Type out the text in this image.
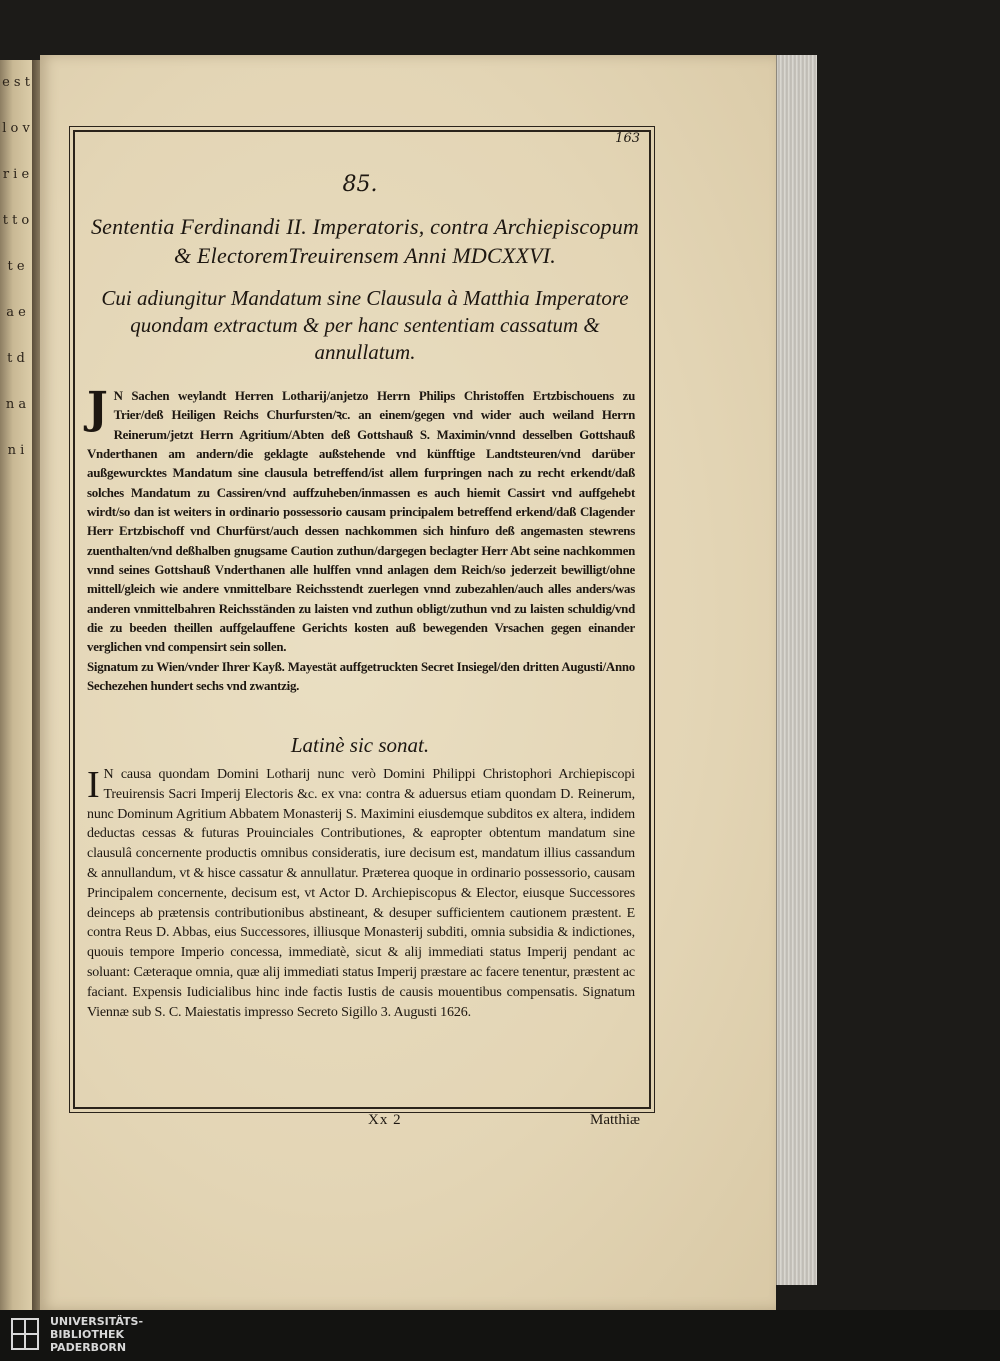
e s t l o v r i e t t o t e a e t d n a n i
163
85.
Sententia Ferdinandi II. Imperatoris, contra Archiepiscopum & ElectoremTreuirensem Anni MDCXXVI.
Cui adiungitur Mandatum sine Clausula à Matthia Imperatore quondam extractum & per hanc sententiam cassatum & annullatum.

J N Sachen weylandt Herren Lotharij/anjetzo Herrn Philips Christoffen Ertzbischouens zu Trier/deß Heiligen Reichs Churfursten/ꝛc. an einem/gegen vnd wider auch weiland Herrn Reinerum/jetzt Herrn Agritium/Abten deß Gottshauß S. Maximin/vnnd desselben Gottshauß Vnderthanen am andern/die geklagte außstehende vnd künfftige Landtsteuren/vnd darüber außgewurcktes Mandatum sine clausula betreffend/ist allem furpringen nach zu recht erkendt/daß solches Mandatum zu Cassiren/vnd auffzuheben/inmassen es auch hiemit Cassirt vnd auffgehebt wirdt/so dan ist weiters in ordinario possessorio causam principalem betreffend erkend/daß Clagender Herr Ertzbischoff vnd Churfürst/auch dessen nachkommen sich hinfuro deß angemasten stewrens zuenthalten/vnd deßhalben gnugsame Caution zuthun/dargegen beclagter Herr Abt seine nachkommen vnnd seines Gottshauß Vnderthanen alle hulffen vnnd anlagen dem Reich/so jederzeit bewilligt/ohne mittell/gleich wie andere vnmittelbare Reichsstendt zuerlegen vnnd zubezahlen/auch alles anders/was anderen vnmittelbahren Reichsständen zu laisten vnd zuthun obligt/zuthun vnd zu laisten schuldig/vnd die zu beeden theillen auffgelauffene Gerichts kosten auß bewegenden Vrsachen gegen einander verglichen vnd compensirt sein sollen.

Signatum zu Wien/vnder Ihrer Kayß. Mayestät auffgetruckten Secret Insiegel/den dritten Augusti/Anno Sechezehen hundert sechs vnd zwantzig.

Latinè sic sonat.

I N causa quondam Domini Lotharij nunc verò Domini Philippi Christophori Archiepiscopi Treuirensis Sacri Imperij Electoris &c. ex vna: contra & aduersus etiam quondam D. Reinerum, nunc Dominum Agritium Abbatem Monasterij S. Maximini eiusdemque subditos ex altera, indidem deductas cessas & futuras Prouinciales Contributiones, & eapropter obtentum mandatum sine clausulâ concernente productis omnibus consideratis, iure decisum est, mandatum illius cassandum & annullandum, vt & hisce cassatur & annullatur. Præterea quoque in ordinario possessorio, causam Principalem concernente, decisum est, vt Actor D. Archiepiscopus & Elector, eiusque Successores deinceps ab prætensis contributionibus abstineant, & desuper sufficientem cautionem præstent. E contra Reus D. Abbas, eius Successores, illiusque Monasterij subditi, omnia subsidia & indictiones, quouis tempore Imperio concessa, immediatè, sicut & alij immediati status Imperij pendant ac soluant: Cæteraque omnia, quæ alij immediati status Imperij præstare ac facere tenentur, præstent ac faciant. Expensis Iudicialibus hinc inde factis Iustis de causis mouentibus compensatis. Signatum Viennæ sub S. C. Maiestatis impresso Secreto Sigillo 3. Augusti 1626.

Xx 2	Matthiæ
UNIVERSITÄTS-
BIBLIOTHEK
PADERBORN
